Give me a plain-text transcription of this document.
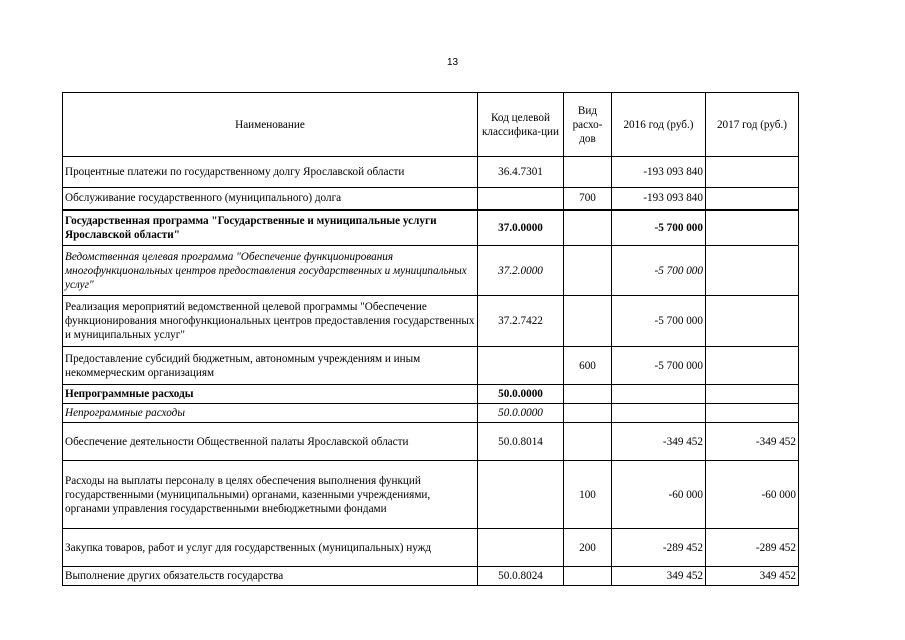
13
Наименование	Код целевой классифика-ции	Вид расхо-дов	2016 год (руб.)	2017 год (руб.)
Процентные платежи по государственному долгу Ярославской области	36.4.7301		-193 093 840	
Обслуживание государственного (муниципального) долга		700	-193 093 840	
Государственная программа "Государственные и муниципальные услуги Ярославской области"	37.0.0000		-5 700 000	
Ведомственная целевая программа "Обеспечение функционирования многофункциональных центров предоставления государственных и муниципальных услуг"	37.2.0000		-5 700 000	
Реализация мероприятий ведомственной целевой программы "Обеспечение функционирования многофункциональных центров предоставления государственных и муниципальных услуг"	37.2.7422		-5 700 000	
Предоставление субсидий бюджетным, автономным учреждениям и иным некоммерческим организациям		600	-5 700 000	
Непрограммные расходы	50.0.0000			
Непрограммные расходы	50.0.0000			
Обеспечение деятельности Общественной палаты Ярославской области	50.0.8014		-349 452	-349 452
Расходы на выплаты персоналу в целях обеспечения выполнения функций государственными (муниципальными) органами, казенными учреждениями, органами управления государственными внебюджетными фондами		100	-60 000	-60 000
Закупка товаров, работ и услуг для государственных (муниципальных) нужд		200	-289 452	-289 452
Выполнение других обязательств государства	50.0.8024		349 452	349 452
